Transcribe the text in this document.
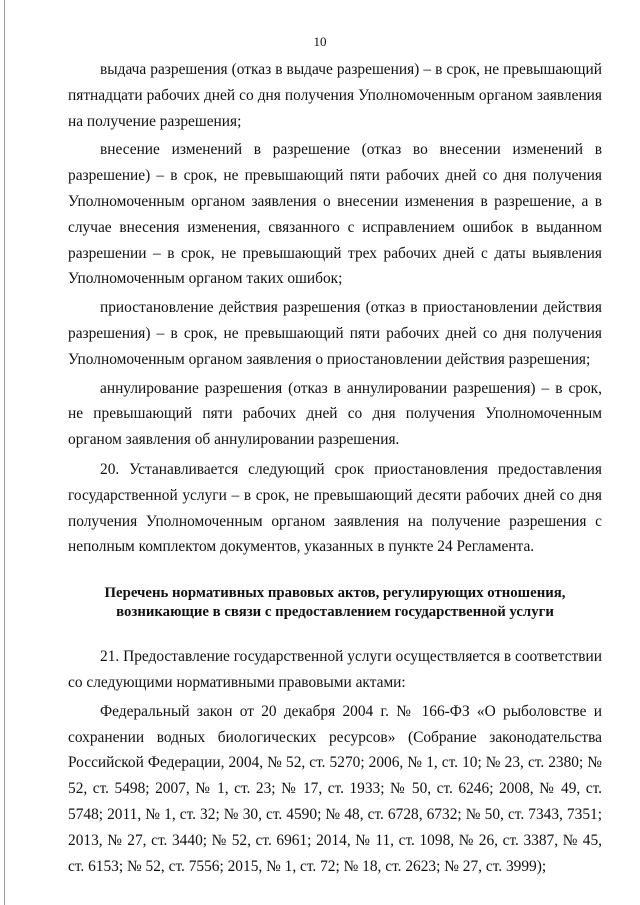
10

выдача разрешения (отказ в выдаче разрешения) – в срок, не превышающий пятнадцати рабочих дней со дня получения Уполномоченным органом заявления на получение разрешения;

внесение изменений в разрешение (отказ во внесении изменений в разрешение) – в срок, не превышающий пяти рабочих дней со дня получения Уполномоченным органом заявления о внесении изменения в разрешение, а в случае внесения изменения, связанного с исправлением ошибок в выданном разрешении – в срок, не превышающий трех рабочих дней с даты выявления Уполномоченным органом таких ошибок;

приостановление действия разрешения (отказ в приостановлении действия разрешения) – в срок, не превышающий пяти рабочих дней со дня получения Уполномоченным органом заявления о приостановлении действия разрешения;

аннулирование разрешения (отказ в аннулировании разрешения) – в срок, не превышающий пяти рабочих дней со дня получения Уполномоченным органом заявления об аннулировании разрешения.

20. Устанавливается следующий срок приостановления предоставления государственной услуги – в срок, не превышающий десяти рабочих дней со дня получения Уполномоченным органом заявления на получение разрешения с неполным комплектом документов, указанных в пункте 24 Регламента.

Перечень нормативных правовых актов, регулирующих отношения,
возникающие в связи с предоставлением государственной услуги

21. Предоставление государственной услуги осуществляется в соответствии со следующими нормативными правовыми актами:

Федеральный закон от 20 декабря 2004 г. № 166-ФЗ «О рыболовстве и сохранении водных биологических ресурсов» (Собрание законодательства Российской Федерации, 2004, № 52, ст. 5270; 2006, № 1, ст. 10; № 23, ст. 2380; № 52, ст. 5498; 2007, № 1, ст. 23; № 17, ст. 1933; № 50, ст. 6246; 2008, № 49, ст. 5748; 2011, № 1, ст. 32; № 30, ст. 4590; № 48, ст. 6728, 6732; № 50, ст. 7343, 7351; 2013, № 27, ст. 3440; № 52, ст. 6961; 2014, № 11, ст. 1098, № 26, ст. 3387, № 45, ст. 6153; № 52, ст. 7556; 2015, № 1, ст. 72; № 18, ст. 2623; № 27, ст. 3999);
